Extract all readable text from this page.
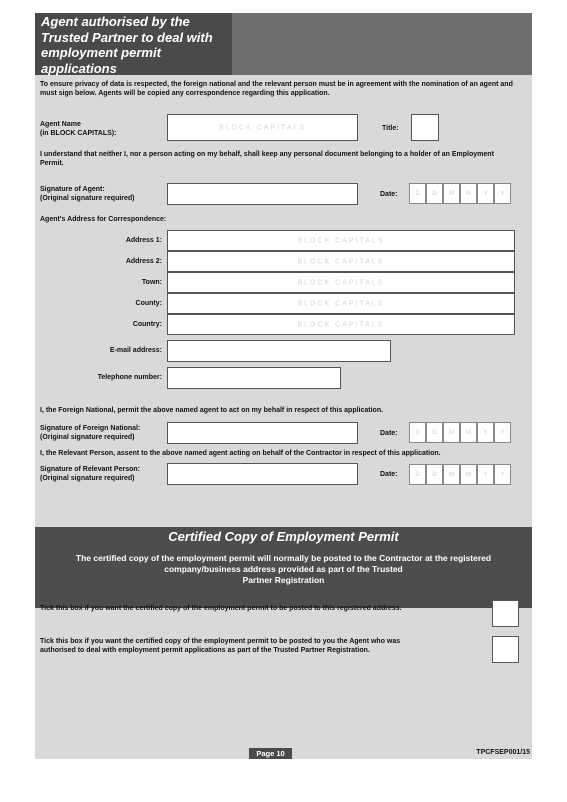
Agent authorised by the Trusted Partner to deal with employment permit applications
To ensure privacy of data is respected, the foreign national and the relevant person must be in agreement with the nomination of an agent and must sign below. Agents will be copied any correspondence regarding this application.
Agent Name
(in BLOCK CAPITALS):
BLOCK CAPITALS	Title:
I understand that neither I, nor a person acting on my behalf, shall keep any personal document belonging to a holder of an Employment Permit.
Signature of Agent:
(Original signature required)
Date:	D	D	M	M	Y	Y
Agent's Address for Correspondence:
Address 1:	BLOCK CAPITALS
Address 2:	BLOCK CAPITALS
Town:	BLOCK CAPITALS
County:	BLOCK CAPITALS
Country:	BLOCK CAPITALS
E-mail address:
Telephone number:
I, the Foreign National, permit the above named agent to act on my behalf in respect of this application.
Signature of Foreign National:
(Original signature required)
Date:	D	D	M	M	Y	Y
I, the Relevant Person, assent to the above named agent acting on behalf of the Contractor in respect of this application.
Signature of Relevant Person:
(Original signature required)
Date:	D	D	M	M	Y	Y
Certified Copy of Employment Permit
The certified copy of the employment permit will normally be posted to the Contractor at the registered
company/business address provided as part of the Trusted
Partner Registration
Tick this box if you want the certified copy of the employment permit to be posted to this registered address.
Tick this box if you want the certified copy of the employment permit to be posted to you the Agent who was
authorised to deal with employment permit applications as part of the Trusted Partner Registration.
Page 10	TPCFSEP001/15
